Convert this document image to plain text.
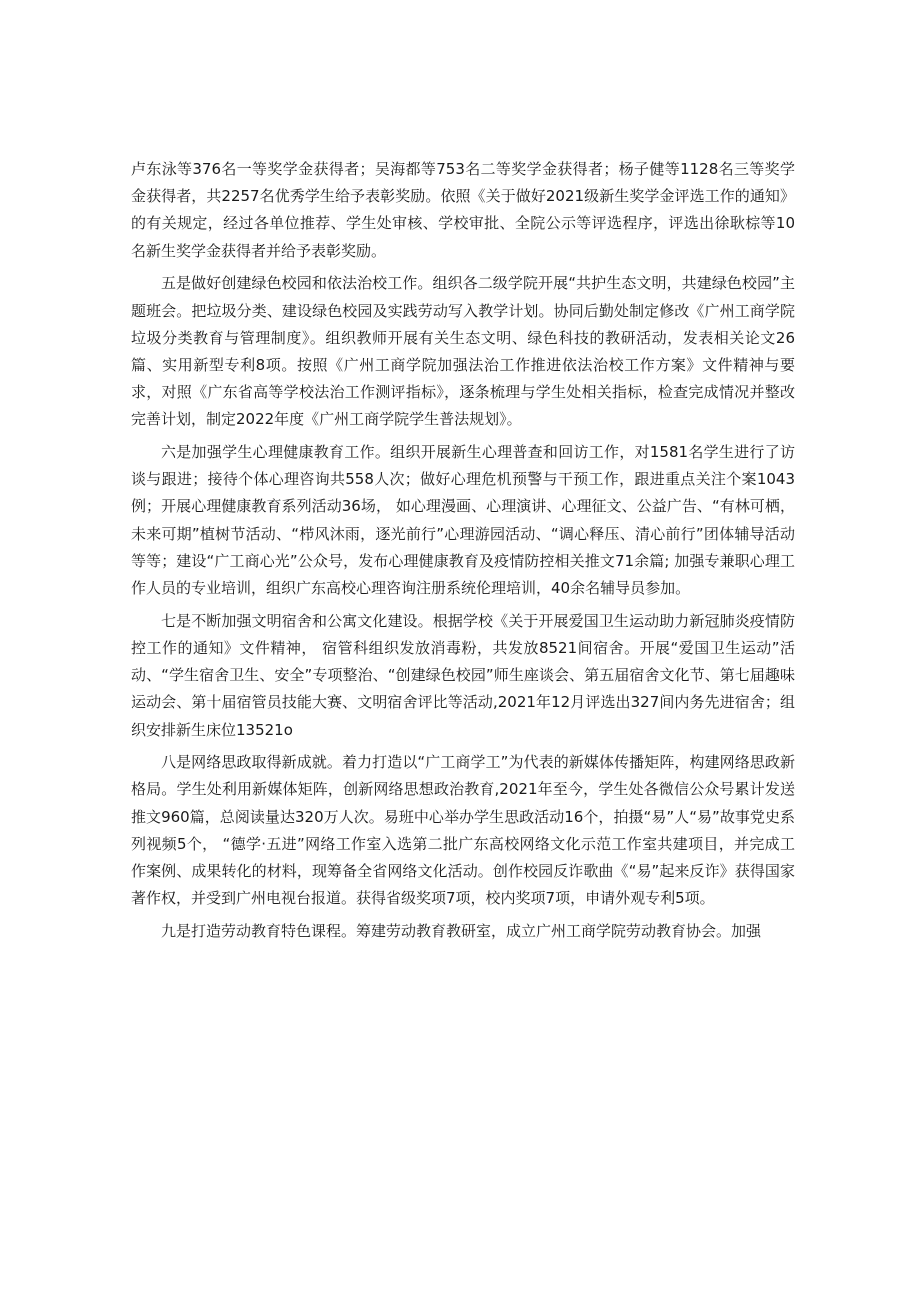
卢东泳等376名一等奖学金获得者；吴海都等753名二等奖学金获得者；杨子健等1128名三等奖学金获得者，共2257名优秀学生给予表彰奖励。依照《关于做好2021级新生奖学金评选工作的通知》的有关规定，经过各单位推荐、学生处审核、学校审批、全院公示等评选程序，评选出徐耿棕等10名新生奖学金获得者并给予表彰奖励。

五是做好创建绿色校园和依法治校工作。组织各二级学院开展“共护生态文明，共建绿色校园”主题班会。把垃圾分类、建设绿色校园及实践劳动写入教学计划。协同后勤处制定修改《广州工商学院垃圾分类教育与管理制度》。组织教师开展有关生态文明、绿色科技的教研活动，发表相关论文26篇、实用新型专利8项。按照《广州工商学院加强法治工作推进依法治校工作方案》文件精神与要求，对照《广东省高等学校法治工作测评指标》，逐条梳理与学生处相关指标，检查完成情况并整改完善计划，制定2022年度《广州工商学院学生普法规划》。

六是加强学生心理健康教育工作。组织开展新生心理普查和回访工作，对1581名学生进行了访谈与跟进；接待个体心理咨询共558人次；做好心理危机预警与干预工作，跟进重点关注个案1043例；开展心理健康教育系列活动36场， 如心理漫画、心理演讲、心理征文、公益广告、“有林可栖，未来可期”植树节活动、“栉风沐雨，逐光前行”心理游园活动、“调心释压、清心前行”团体辅导活动等等；建设“广工商心光”公众号，发布心理健康教育及疫情防控相关推文71余篇; 加强专兼职心理工作人员的专业培训，组织广东高校心理咨询注册系统伦理培训，40余名辅导员参加。

七是不断加强文明宿舍和公寓文化建设。根据学校《关于开展爱国卫生运动助力新冠肺炎疫情防控工作的通知》文件精神， 宿管科组织发放消毒粉，共发放8521间宿舍。开展“爱国卫生运动”活动、“学生宿舍卫生、安全”专项整治、“创建绿色校园”师生座谈会、第五届宿舍文化节、第七届趣味运动会、第十届宿管员技能大赛、文明宿舍评比等活动,2021年12月评选出327间内务先进宿舍；组织安排新生床位13521o

八是网络思政取得新成就。着力打造以“广工商学工”为代表的新媒体传播矩阵，构建网络思政新格局。学生处利用新媒体矩阵，创新网络思想政治教育,2021年至今，学生处各微信公众号累计发送推文960篇，总阅读量达320万人次。易班中心举办学生思政活动16个，拍摄“易”人“易”故事党史系列视频5个， “德学·五进”网络工作室入选第二批广东高校网络文化示范工作室共建项目，并完成工作案例、成果转化的材料，现筹备全省网络文化活动。创作校园反诈歌曲《“易”起来反诈》获得国家著作权，并受到广州电视台报道。获得省级奖项7项，校内奖项7项，申请外观专利5项。

九是打造劳动教育特色课程。筹建劳动教育教研室，成立广州工商学院劳动教育协会。加强
